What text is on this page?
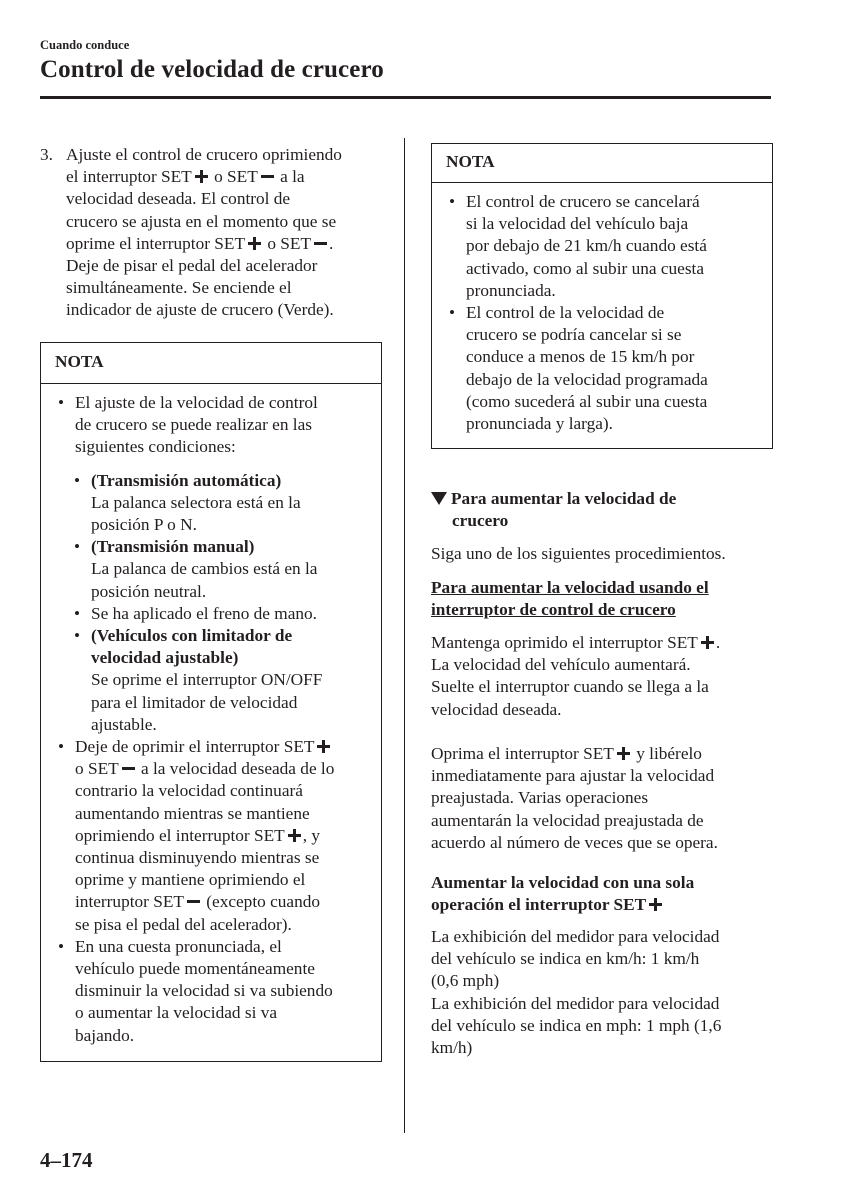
Cuando conduce
Control de velocidad de crucero
3. Ajuste el control de crucero oprimiendo
el interruptor SET o SET a la
velocidad deseada. El control de
crucero se ajusta en el momento que se
oprime el interruptor SET o SET .
Deje de pisar el pedal del acelerador
simultáneamente. Se enciende el
indicador de ajuste de crucero (Verde).
NOTA
• El ajuste de la velocidad de control
de crucero se puede realizar en las
siguientes condiciones:
• (Transmisión automática)
La palanca selectora está en la
posición P o N.
• (Transmisión manual)
La palanca de cambios está en la
posición neutral.
• Se ha aplicado el freno de mano.
• (Vehículos con limitador de
velocidad ajustable)
Se oprime el interruptor ON/OFF
para el limitador de velocidad
ajustable.
• Deje de oprimir el interruptor SET
o SET a la velocidad deseada de lo
contrario la velocidad continuará
aumentando mientras se mantiene
oprimiendo el interruptor SET , y
continua disminuyendo mientras se
oprime y mantiene oprimiendo el
interruptor SET (excepto cuando
se pisa el pedal del acelerador).
• En una cuesta pronunciada, el
vehículo puede momentáneamente
disminuir la velocidad si va subiendo
o aumentar la velocidad si va
bajando.
NOTA
• El control de crucero se cancelará
si la velocidad del vehículo baja
por debajo de 21 km/h cuando está
activado, como al subir una cuesta
pronunciada.
• El control de la velocidad de
crucero se podría cancelar si se
conduce a menos de 15 km/h por
debajo de la velocidad programada
(como sucederá al subir una cuesta
pronunciada y larga).
Para aumentar la velocidad de
crucero

Siga uno de los siguientes procedimientos.

Para aumentar la velocidad usando el
interruptor de control de crucero

Mantenga oprimido el interruptor SET .
La velocidad del vehículo aumentará.
Suelte el interruptor cuando se llega a la
velocidad deseada.

Oprima el interruptor SET y libérelo
inmediatamente para ajustar la velocidad
preajustada. Varias operaciones
aumentarán la velocidad preajustada de
acuerdo al número de veces que se opera.

Aumentar la velocidad con una sola
operación el interruptor SET

La exhibición del medidor para velocidad
del vehículo se indica en km/h: 1 km/h
(0,6 mph)
La exhibición del medidor para velocidad
del vehículo se indica en mph: 1 mph (1,6
km/h)

4–174
